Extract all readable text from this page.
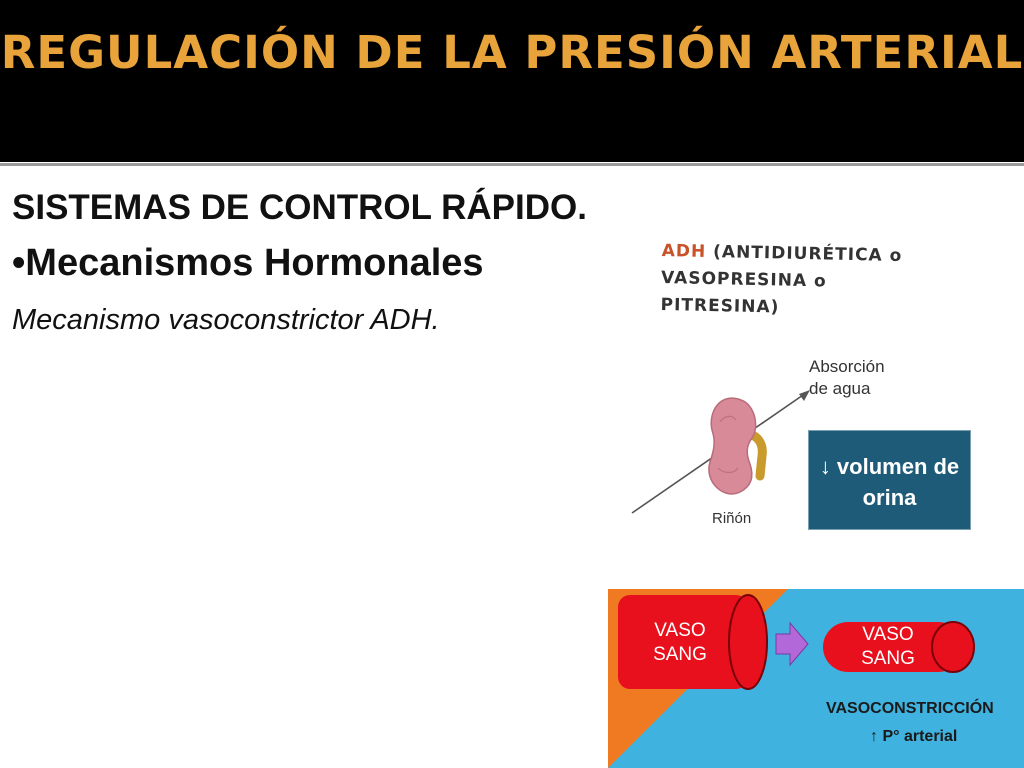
REGULACIÓN DE LA PRESIÓN ARTERIAL

SISTEMAS DE CONTROL RÁPIDO.

•Mecanismos Hormonales

Mecanismo vasoconstrictor ADH.

ADH (ANTIDIURÉTICA o
VASOPRESINA o
PITRESINA)

Absorción
de agua

Riñón

↓ volumen de
orina

VASO
SANG

VASO
SANG

VASOCONSTRICCIÓN

↑ P° arterial
